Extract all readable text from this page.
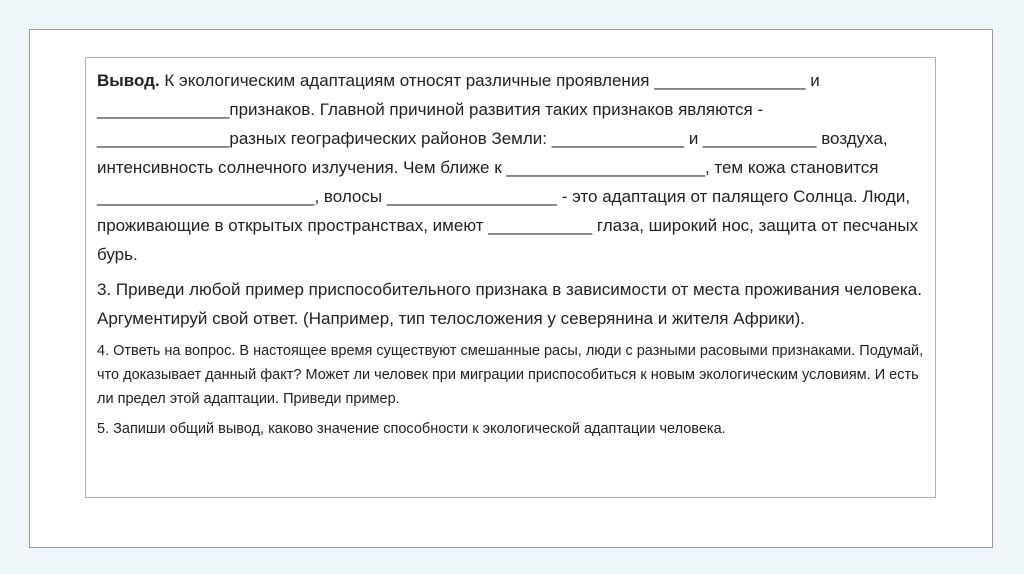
Вывод. К экологическим адаптациям относят различные проявления ________________ и ______________признаков. Главной причиной развития таких признаков являются - ______________разных географических районов Земли: ______________ и ____________ воздуха, интенсивность солнечного излучения. Чем ближе к _____________________, тем кожа становится _______________________, волосы __________________ - это адаптация от палящего Солнца. Люди, проживающие в открытых пространствах, имеют ___________ глаза, широкий нос, защита от песчаных бурь.

3. Приведи любой пример приспособительного признака в зависимости от места проживания человека. Аргументируй свой ответ. (Например, тип телосложения у северянина и жителя Африки).

4. Ответь на вопрос. В настоящее время существуют смешанные расы, люди с разными расовыми признаками. Подумай, что доказывает данный факт? Может ли человек при миграции приспособиться к новым экологическим условиям. И есть ли предел этой адаптации. Приведи пример.

5. Запиши общий вывод, каково значение способности к экологической адаптации человека.
